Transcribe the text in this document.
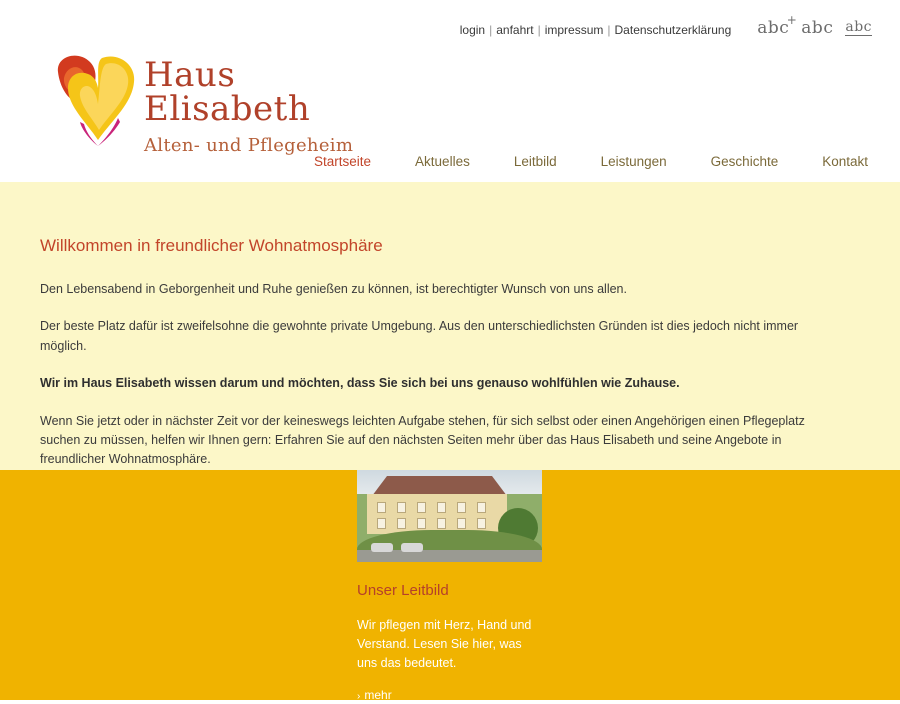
login | anfahrt | impressum | Datenschutzerklärung abc
+ abc abc
Haus Elisabeth
Alten- und Pflegeheim
Startseite	Aktuelles	Leitbild	Leistungen	Geschichte	Kontakt
Willkommen in freundlicher Wohnatmosphäre

Den Lebensabend in Geborgenheit und Ruhe genießen zu können, ist berechtigter Wunsch von uns allen.

Der beste Platz dafür ist zweifelsohne die gewohnte private Umgebung. Aus den unterschiedlichsten Gründen ist dies jedoch nicht immer möglich.

Wir im Haus Elisabeth wissen darum und möchten, dass Sie sich bei uns genauso wohlfühlen wie Zuhause.

Wenn Sie jetzt oder in nächster Zeit vor der keineswegs leichten Aufgabe stehen, für sich selbst oder einen Angehörigen einen Pflegeplatz suchen zu müssen, helfen wir Ihnen gern: Erfahren Sie auf den nächsten Seiten mehr über das Haus Elisabeth und seine Angebote in freundlicher Wohnatmosphäre.

Unser Leitbild

Wir pflegen mit Herz, Hand und Verstand. Lesen Sie hier, was uns das bedeutet.

› mehr
